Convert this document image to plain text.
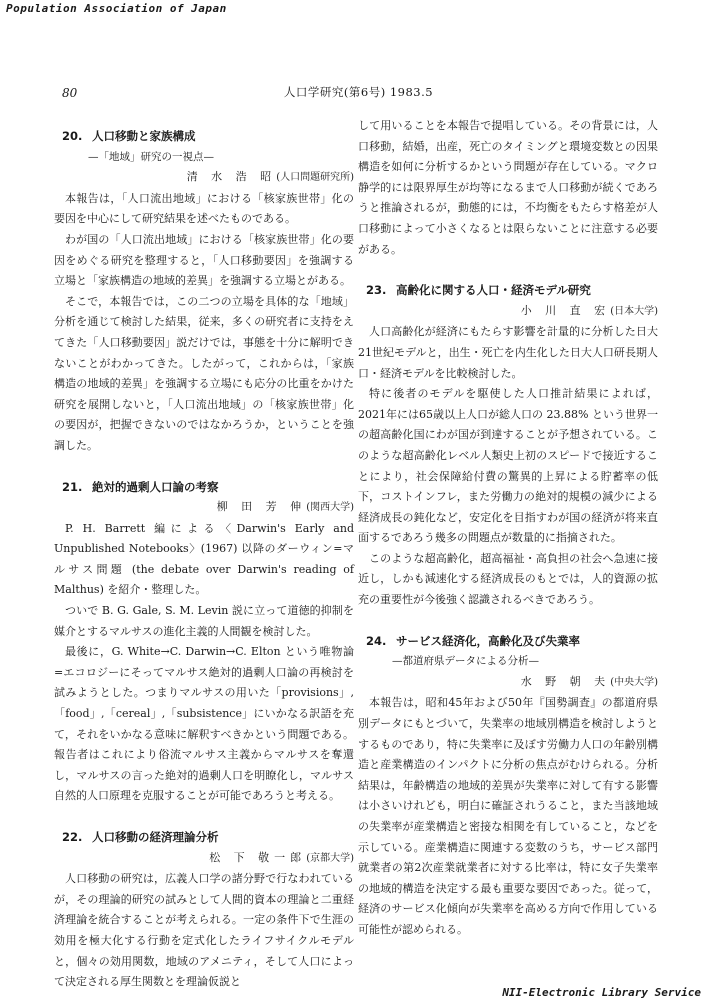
Population Association of Japan
80	人口学研究(第6号) 1983.5
20. 人口移動と家族構成
—「地域」研究の一視点—
清 水 浩 昭(人口問題研究所)

本報告は，「人口流出地域」における「核家族世帯」化の要因を中心にして研究結果を述べたものである。

わが国の「人口流出地域」における「核家族世帯」化の要因をめぐる研究を整理すると，「人口移動要因」を強調する立場と「家族構造の地域的差異」を強調する立場とがある。

そこで，本報告では，この二つの立場を具体的な「地域」分析を通じて検討した結果，従来，多くの研究者に支持をえてきた「人口移動要因」説だけでは，事態を十分に解明できないことがわかってきた。したがって，これからは，「家族構造の地域的差異」を強調する立場にも応分の比重をかけた研究を展開しないと，「人口流出地域」の「核家族世帯」化の要因が，把握できないのではなかろうか，ということを強調した。

21. 絶対的過剰人口論の考察
柳 田 芳 伸(関西大学)

P. H. Barrett 編による〈Darwin's Early and Unpublished Notebooks〉(1967) 以降のダーウィン=マルサス問題 (the debate over Darwin's reading of Malthus) を紹介・整理した。

ついで B. G. Gale, S. M. Levin 説に立って道徳的抑制を媒介とするマルサスの進化主義的人間観を検討した。

最後に，G. White→C. Darwin→C. Elton という唯物論=エコロジーにそってマルサス絶対的過剰人口論の再検討を試みようとした。つまりマルサスの用いた「provisions」,「food」,「cereal」,「subsistence」にいかなる訳語を充て，それをいかなる意味に解釈すべきかという問題である。報告者はこれにより俗流マルサス主義からマルサスを奪還し，マルサスの言った絶対的過剰人口を明瞭化し，マルサス自然的人口原理を克服することが可能であろうと考える。

22. 人口移動の経済理論分析
松 下 敬一郎(京都大学)

人口移動の研究は，広義人口学の諸分野で行なわれているが，その理論的研究の試みとして人間的資本の理論と二重経済理論を統合することが考えられる。一定の条件下で生涯の効用を極大化する行動を定式化したライフサイクルモデルと，個々の効用関数，地域のアメニティ，そして人口によって決定される厚生関数とを理論仮説と

して用いることを本報告で提唱している。その背景には，人口移動，結婚，出産，死亡のタイミングと環境変数との因果構造を如何に分析するかという問題が存在している。マクロ静学的には限界厚生が均等になるまで人口移動が続くであろうと推論されるが，動態的には，不均衡をもたらす格差が人口移動によって小さくなるとは限らないことに注意する必要がある。

23. 高齢化に関する人口・経済モデル研究
小 川 直 宏(日本大学)

人口高齢化が経済にもたらす影響を計量的に分析した日大21世紀モデルと，出生・死亡を内生化した日大人口研長期人口・経済モデルを比較検討した。

特に後者のモデルを駆使した人口推計結果によれば，2021年には65歳以上人口が総人口の 23.88% という世界一の超高齢化国にわが国が到達することが予想されている。このような超高齢化レベル人類史上初のスピードで接近することにより，社会保障給付費の驚異的上昇による貯蓄率の低下，コストインフレ，また労働力の絶対的規模の減少による経済成長の鈍化など，安定化を目指すわが国の経済が将来直面するであろう幾多の問題点が数量的に指摘された。

このような超高齢化，超高福祉・高負担の社会へ急速に接近し，しかも減速化する経済成長のもとでは，人的資源の拡充の重要性が今後強く認識されるべきであろう。

24. サービス経済化，高齢化及び失業率
—都道府県データによる分析—
水 野 朝 夫(中央大学)

本報告は，昭和45年および50年『国勢調査』の都道府県別データにもとづいて，失業率の地域別構造を検討しようとするものであり，特に失業率に及ぼす労働力人口の年齢別構造と産業構造のインパクトに分析の焦点がむけられる。分析結果は，年齢構造の地域的差異が失業率に対して有する影響は小さいけれども，明白に確証されうること，また当該地域の失業率が産業構造と密接な相関を有していること，などを示している。産業構造に関連する変数のうち，サービス部門就業者の第2次産業就業者に対する比率は，特に女子失業率の地域的構造を決定する最も重要な要因であった。従って，経済のサービス化傾向が失業率を高める方向で作用している可能性が認められる。

NII-Electronic Library Service
